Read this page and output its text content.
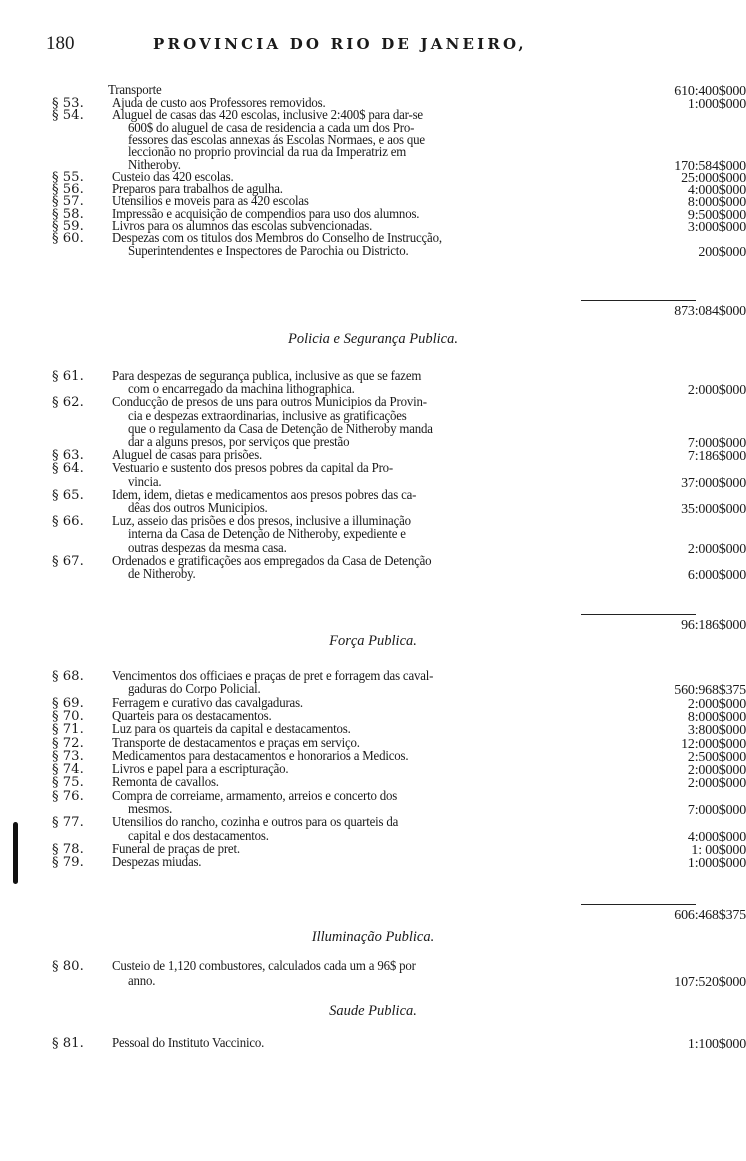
180	PROVINCIA DO RIO DE JANEIRO,
Transporte	610:400$000
§ 53.	Ajuda de custo aos Professores removidos.	1:000$000
§ 54.	Aluguel de casas das 420 escolas, inclusive 2:400$ para dar-se
600$ do aluguel de casa de residencia a cada um dos Pro-
fessores das escolas annexas ás Escolas Normaes, e aos que
leccionão no proprio provincial da rua da Imperatriz em
Nitheroby.	170:584$000
§ 55.	Custeio das 420 escolas.	25:000$000
§ 56.	Preparos para trabalhos de agulha.	4:000$000
§ 57.	Utensilios e moveis para as 420 escolas	8:000$000
§ 58.	Impressão e acquisição de compendios para uso dos alumnos.	9:500$000
§ 59.	Livros para os alumnos das escolas subvencionadas.	3:000$000
§ 60.	Despezas com os titulos dos Membros do Conselho de Instrucção,
Superintendentes e Inspectores de Parochia ou Districto.	200$000
873:084$000
Policia e Segurança Publica.
§ 61.	Para despezas de segurança publica, inclusive as que se fazem
com o encarregado da machina lithographica.	2:000$000
§ 62.	Conducção de presos de uns para outros Municipios da Provin-
cia e despezas extraordinarias, inclusive as gratificações
que o regulamento da Casa de Detenção de Nitheroby manda
dar a alguns presos, por serviços que prestão	7:000$000
§ 63.	Aluguel de casas para prisões.	7:186$000
§ 64.	Vestuario e sustento dos presos pobres da capital da Pro-
vincia.	37:000$000
§ 65.	Idem, idem, dietas e medicamentos aos presos pobres das ca-
dêas dos outros Municipios.	35:000$000
§ 66.	Luz, asseio das prisões e dos presos, inclusive a illuminação
interna da Casa de Detenção de Nitheroby, expediente e
outras despezas da mesma casa.	2:000$000
§ 67.	Ordenados e gratificações aos empregados da Casa de Detenção
de Nitheroby.	6:000$000
96:186$000
Força Publica.
§ 68.	Vencimentos dos officiaes e praças de pret e forragem das caval-
gaduras do Corpo Policial.	560:968$375
§ 69.	Ferragem e curativo das cavalgaduras.	2:000$000
§ 70.	Quarteis para os destacamentos.	8:000$000
§ 71.	Luz para os quarteis da capital e destacamentos.	3:800$000
§ 72.	Transporte de destacamentos e praças em serviço.	12:000$000
§ 73.	Medicamentos para destacamentos e honorarios a Medicos.	2:500$000
§ 74.	Livros e papel para a escripturação.	2:000$000
§ 75.	Remonta de cavallos.	2:000$000
§ 76.	Compra de correiame, armamento, arreios e concerto dos
mesmos.	7:000$000
§ 77.	Utensilios do rancho, cozinha e outros para os quarteis da
capital e dos destacamentos.	4:000$000
§ 78.	Funeral de praças de pret.	1: 00$000
§ 79.	Despezas miudas.	1:000$000
606:468$375
Illuminação Publica.
§ 80.	Custeio de 1,120 combustores, calculados cada um a 96$ por
anno.	107:520$000
Saude Publica.
§ 81.	Pessoal do Instituto Vaccinico.	1:100$000
